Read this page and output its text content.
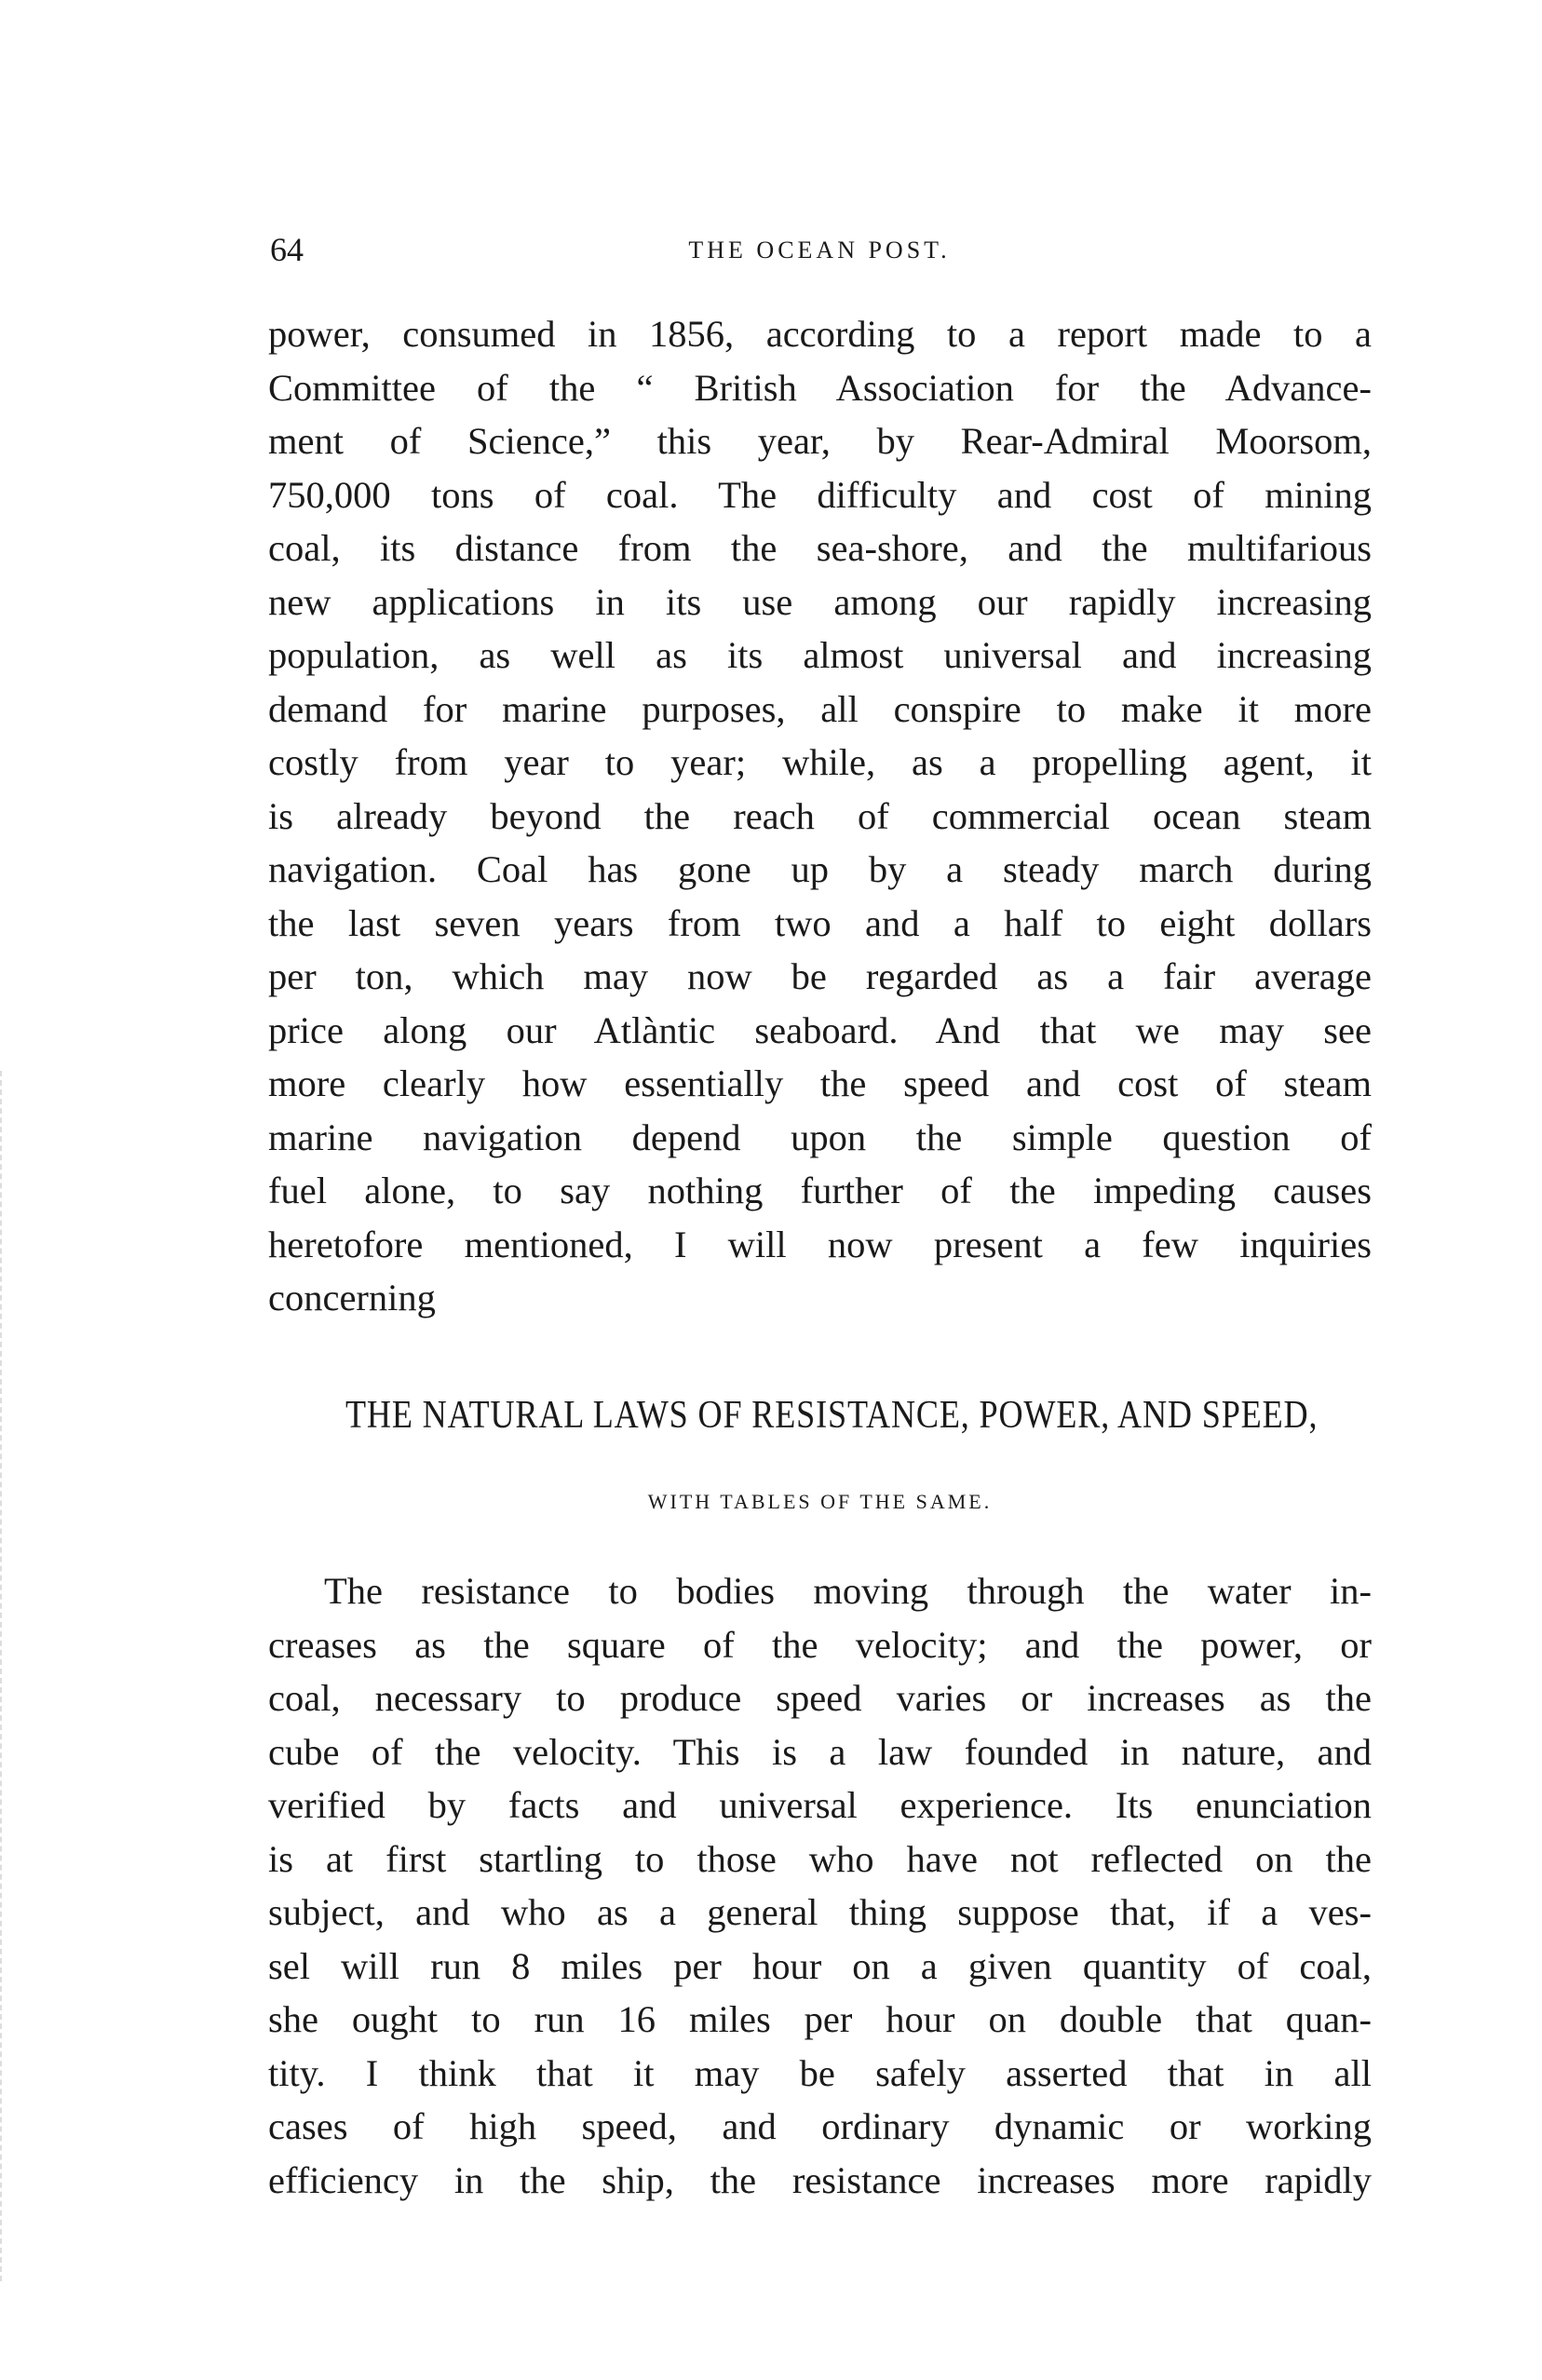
64	THE OCEAN POST.
power, consumed in 1856, according to a report made to a
Committee of the “ British Association for the Advance-
ment of Science,” this year, by Rear-Admiral Moorsom,
750,000 tons of coal. The difficulty and cost of mining
coal, its distance from the sea-shore, and the multifarious
new applications in its use among our rapidly increasing
population, as well as its almost universal and increasing
demand for marine purposes, all conspire to make it more
costly from year to year; while, as a propelling agent, it
is already beyond the reach of commercial ocean steam
navigation. Coal has gone up by a steady march during
the last seven years from two and a half to eight dollars
per ton, which may now be regarded as a fair average
price along our Atlàntic seaboard. And that we may see
more clearly how essentially the speed and cost of steam
marine navigation depend upon the simple question of
fuel alone, to say nothing further of the impeding causes
heretofore mentioned, I will now present a few inquiries
concerning
THE NATURAL LAWS OF RESISTANCE, POWER, AND SPEED,
WITH TABLES OF THE SAME.
The resistance to bodies moving through the water in-
creases as the square of the velocity; and the power, or
coal, necessary to produce speed varies or increases as the
cube of the velocity. This is a law founded in nature, and
verified by facts and universal experience. Its enunciation
is at first startling to those who have not reflected on the
subject, and who as a general thing suppose that, if a ves-
sel will run 8 miles per hour on a given quantity of coal,
she ought to run 16 miles per hour on double that quan-
tity. I think that it may be safely asserted that in all
cases of high speed, and ordinary dynamic or working
efficiency in the ship, the resistance increases more rapidly
